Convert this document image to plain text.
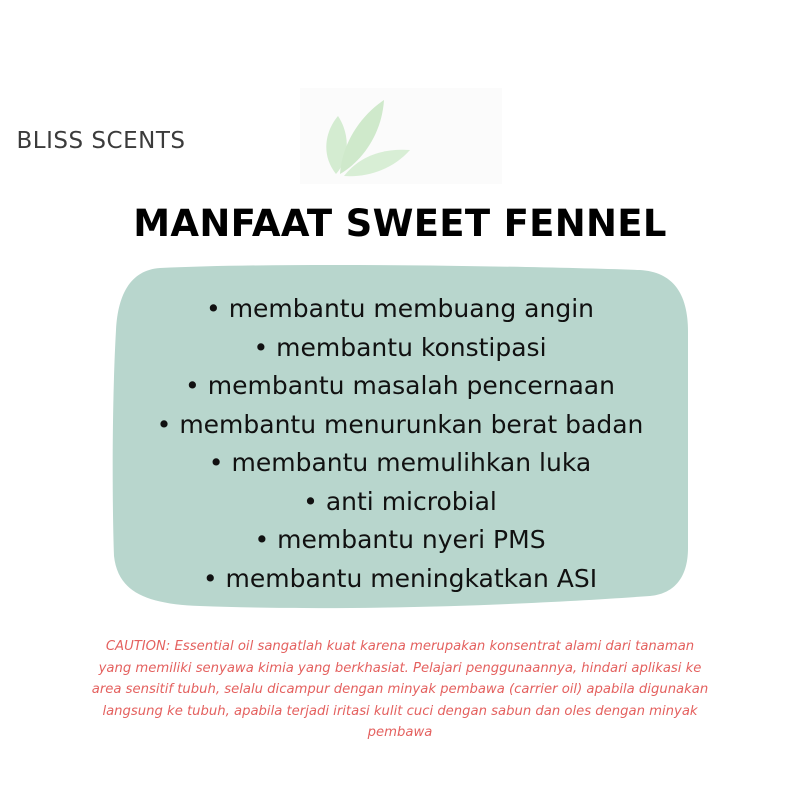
BLISS SCENTS
MANFAAT SWEET FENNEL
• membantu membuang angin
• membantu konstipasi
• membantu masalah pencernaan
• membantu menurunkan berat badan
• membantu memulihkan luka
• anti microbial
• membantu nyeri PMS
• membantu meningkatkan ASI

CAUTION: Essential oil sangatlah kuat karena merupakan konsentrat alami dari tanaman yang memiliki senyawa kimia yang berkhasiat. Pelajari penggunaannya, hindari aplikasi ke area sensitif tubuh, selalu dicampur dengan minyak pembawa (carrier oil) apabila digunakan langsung ke tubuh, apabila terjadi iritasi kulit cuci dengan sabun dan oles dengan minyak pembawa
